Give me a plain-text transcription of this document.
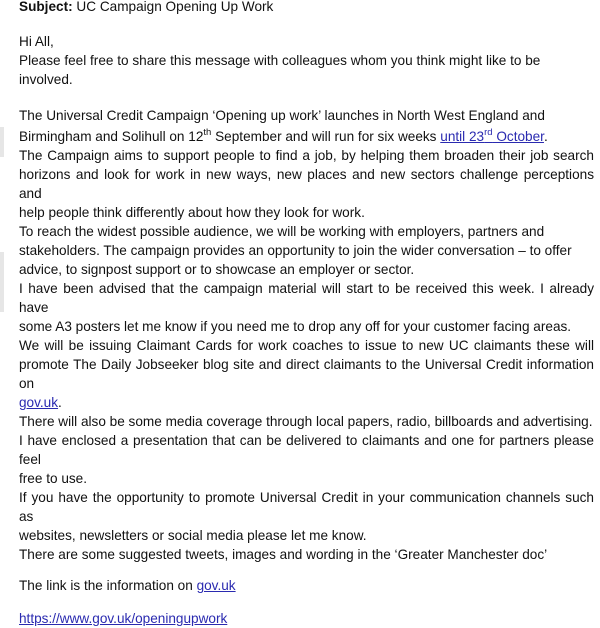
Subject: UC Campaign Opening Up Work
Hi All,
Please feel free to share this message with colleagues whom you think might like to be involved.
The Universal Credit Campaign ‘Opening up work’ launches in North West England and
Birmingham and Solihull on 12th September and will run for six weeks until 23rd October.
The Campaign aims to support people to find a job, by helping them broaden their job search
horizons and look for work in new ways, new places and new sectors challenge perceptions and
help people think differently about how they look for work.
To reach the widest possible audience, we will be working with employers, partners and
stakeholders. The campaign provides an opportunity to join the wider conversation – to offer
advice, to signpost support or to showcase an employer or sector.
I have been advised that the campaign material will start to be received this week. I already have
some A3 posters let me know if you need me to drop any off for your customer facing areas.
We will be issuing Claimant Cards for work coaches to issue to new UC claimants these will
promote The Daily Jobseeker blog site and direct claimants to the Universal Credit information on
gov.uk.
There will also be some media coverage through local papers, radio, billboards and advertising.
I have enclosed a presentation that can be delivered to claimants and one for partners please feel
free to use.
If you have the opportunity to promote Universal Credit in your communication channels such as
websites, newsletters or social media please let me know.
There are some suggested tweets, images and wording in the ‘Greater Manchester doc’
The link is the information on gov.uk
https://www.gov.uk/openingupwork
